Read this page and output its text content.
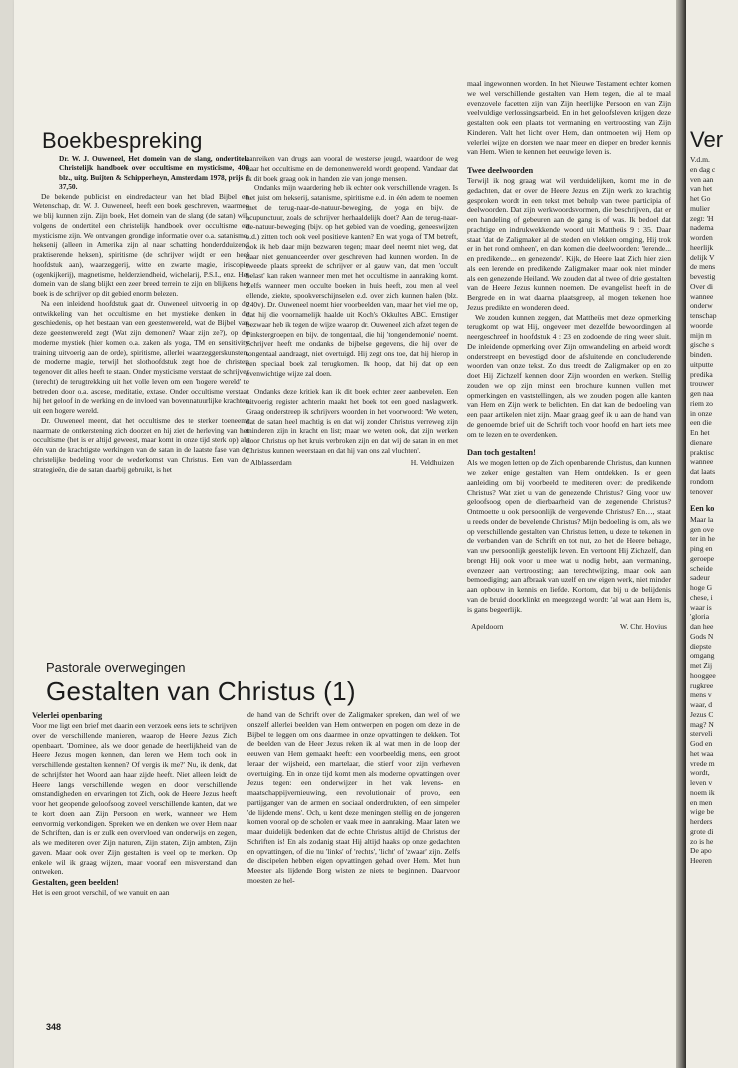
Boekbespreking

Dr. W. J. Ouweneel, Het domein van de slang, ondertitel: Christelijk handboek over occultisme en mysticisme, 400 blz., uitg. Buijten & Schipperheyn, Amsterdam 1978, prijs ƒ 37,50.

De bekende publicist en eindredacteur van het blad Bijbel en Wetenschap, dr. W. J. Ouweneel, heeft een boek geschreven, waarmee we blij kunnen zijn. Zijn boek, Het domein van de slang (de satan) wil, volgens de ondertitel een christelijk handboek over occultisme en mysticisme zijn. We ontvangen grondige informatie over o.a. satanisme, heksenij (alleen in Amerika zijn al naar schatting honderdduizend praktiserende heksen), spiritisme (de schrijver wijdt er een heel hoofdstuk aan), waarzeggerij, witte en zwarte magie, iriscopie (ogenkijkerij), magnetisme, helderziendheid, wichelarij, P.S.I., enz. Het domein van de slang blijkt een zeer breed terrein te zijn en blijkens het boek is de schrijver op dit gebied enorm belezen.

Na een inleidend hoofdstuk gaat dr. Ouweneel uitvoerig in op de ontwikkeling van het occultisme en het mystieke denken in de geschiedenis, op het bestaan van een geestenwereld, wat de Bijbel van deze geestenwereld zegt (Wat zijn demonen? Waar zijn ze?), op de moderne mystiek (hier komen o.a. zaken als yoga, TM en sensitivity training uitvoerig aan de orde), spiritisme, allerlei waarzeggerskunsten, de moderne magie, terwijl het slothoofdstuk zegt hoe de christen tegenover dit alles heeft te staan. Onder mysticisme verstaat de schrijver (terecht) de terugtrekking uit het volle leven om een 'hogere wereld' te betreden door o.a. ascese, meditatie, extase. Onder occultisme verstaat hij het geloof in de werking en de invloed van bovennatuurlijke krachten uit een hogere wereld.

Dr. Ouweneel meent, dat het occultisme des te sterker toeneemt naarmate de ontkerstening zich doorzet en hij ziet de herleving van het occultisme (het is er altijd geweest, maar komt in onze tijd sterk op) als één van de krachtigste werkingen van de satan in de laatste fase van de christelijke bedeling voor de wederkomst van Christus. Een van de strategieën, die de satan daarbij gebruikt, is het

aanreiken van drugs aan vooral de westerse jeugd, waardoor de weg naar het occultisme en de demonenwereld wordt geopend. Vandaar dat ik dit boek graag ook in handen zie van jonge mensen.

Ondanks mijn waardering heb ik echter ook verschillende vragen. Is het juist om hekserij, satanisme, spiritisme e.d. in één adem te noemen met de terug-naar-de-natuur-beweging, de yoga en bijv. de acupunctuur, zoals de schrijver herhaaldelijk doet? Aan de terug-naar-de-natuur-beweging (bijv. op het gebied van de voeding, geneeswijzen e.d.) zitten toch ook veel positieve kanten? En wat yoga of TM betreft, ook ik heb daar mijn bezwaren tegen; maar deel neemt niet weg, dat daar niet genuanceerder over geschreven had kunnen worden. In de tweede plaats spreekt de schrijver er al gauw van, dat men 'occult belast' kan raken wanneer men met het occultisme in aanraking komt. Zelfs wanneer men occulte boeken in huis heeft, zou men al veel ellende, ziekte, spookverschijnselen e.d. over zich kunnen halen (blz. 240v). Dr. Ouweneel noemt hier voorbeelden van, maar het viel me op, dat hij die voornamelijk haalde uit Koch's Okkultes ABC. Ernstiger bezwaar heb ik tegen de wijze waarop dr. Ouweneel zich afzet tegen de Pinkstergroepen en bijv. de tongentaal, die hij 'tongendemonie' noemt. Schrijver heeft me ondanks de bijbelse gegevens, die hij over de tongentaal aandraagt, niet overtuigd. Hij zegt ons toe, dat hij hierop in een speciaal boek zal terugkomen. Ik hoop, dat hij dat op een evenwichtige wijze zal doen.

Ondanks deze kritiek kan ik dit boek echter zeer aanbevelen. Een uitvoerig register achterin maakt het boek tot een goed naslagwerk. Graag onderstreep ik schrijvers woorden in het voorwoord: 'We weten, dat de satan heel machtig is en dat wij zonder Christus verreweg zijn minderen zijn in kracht en list; maar we weten ook, dat zijn werken door Christus op het kruis verbroken zijn en dat wij de satan in en met Christus kunnen weerstaan en dat hij van ons zal vluchten'.

Alblasserdam	H. Veldhuizen
Pastorale overwegingen
Gestalten van Christus (1)

Velerlei openbaring

Voor me ligt een brief met daarin een verzoek eens iets te schrijven over de verschillende manieren, waarop de Heere Jezus Zich openbaart. 'Dominee, als we door genade de heerlijkheid van de Heere Jezus mogen kennen, dan leren we Hem toch ook in verschillende gestalten kennen? Of vergis ik me?' Nu, ik denk, dat de schrijfster het Woord aan haar zijde heeft. Niet alleen leidt de Heere langs verschillende wegen en door verschillende omstandigheden en ervaringen tot Zich, ook de Heere Jezus heeft voor het geopende geloofsoog zoveel verschillende kanten, dat we te kort doen aan Zijn Persoon en werk, wanneer we Hem eenvormig verkondigen. Spreken we en denken we over Hem naar de Schriften, dan is er zulk een overvloed van onderwijs en zegen, als we mediteren over Zijn naturen, Zijn staten, Zijn ambten, Zijn gaven. Maar ook over Zijn gestalten is veel op te merken. Op enkele wil ik graag wijzen, maar vooraf een misverstand dan ontweken.

Gestalten, geen beelden!

Het is een groot verschil, of we vanuit en aan

de hand van de Schrift over de Zaligmaker spreken, dan wel of we onszelf allerlei beelden van Hem ontwerpen en pogen om deze in de Bijbel te leggen om ons daarmee in onze opvattingen te dekken. Tot de beelden van de Heer Jezus reken ik al wat men in de loop der eeuwen van Hem gemaakt heeft: een voorbeeldig mens, een groot leraar der wijsheid, een martelaar, die stierf voor zijn verheven overtuiging. En in onze tijd komt men als moderne opvattingen over Jezus tegen: een onderwijzer in het vak levens- en maatschappijvernieuwing, een revolutionair of provo, een partijganger van de armen en sociaal onderdrukten, of een simpeler 'de lijdende mens'. Och, u kent deze meningen stellig en de jongeren komen vooral op de scholen er vaak mee in aanraking. Maar laten we maar duidelijk bedenken dat de echte Christus altijd de Christus der Schriften is! En als zodanig staat Hij altijd haaks op onze gedachten en opvattingen, of die nu 'links' of 'rechts', 'licht' of 'zwaar' zijn. Zelfs de discipelen hebben eigen opvattingen gehad over Hem. Met hun Meester als lijdende Borg wisten ze niets te beginnen. Daarvoor moesten ze hel-

maal ingewonnen worden. In het Nieuwe Testament echter komen we wel verschillende gestalten van Hem tegen, die al te maal evenzovele facetten zijn van Zijn heerlijke Persoon en van Zijn veelvuldige verlossingsarbeid. En in het geloofsleven krijgen deze gestalten ook een plaats tot vermaning en vertroosting van Zijn Kinderen. Valt het licht over Hem, dan ontmoeten wij Hem op velerlei wijze en dorsten we naar meer en dieper en breder kennis van Hem. Wien te kennen het eeuwige leven is.

Twee deelwoorden

Terwijl ik nog graag wat wil verduidelijken, komt me in de gedachten, dat er over de Heere Jezus en Zijn werk zo krachtig gesproken wordt in een tekst met behulp van twee participia of deelwoorden. Dat zijn werkwoordsvormen, die beschrijven, dat er een handeling of gebeuren aan de gang is of was. Ik bedoel dat prachtige en indrukwekkende woord uit Mattheüs 9 : 35. Daar staat 'dat de Zaligmaker al de steden en vlekken omging, Hij trok er in het rond omheen', en dan komen die deelwoorden: 'lerende... en predikende... en genezende'. Kijk, de Heere laat Zich hier zien als een lerende en predikende Zaligmaker maar ook niet minder als een genezende Heiland. We zouden dat al twee of drie gestalten van de Heere Jezus kunnen noemen. De evangelist heeft in de Bergrede en in wat daarna plaatsgreep, al mogen tekenen hoe Jezus predikte en wonderen deed.

We zouden kunnen zeggen, dat Mattheüs met deze opmerking terugkomt op wat Hij, ongeveer met dezelfde bewoordingen al neergeschreef in hoofdstuk 4 : 23 en zodoende de ring weer sluit. De inleidende opmerking over Zijn omwandeling en arbeid wordt onderstreept en bevestigd door de afsluitende en concluderende woorden van onze tekst. Zo dus treedt de Zaligmaker op en zo doet Hij Zichzelf kennen door Zijn woorden en werken. Stellig zouden we op zijn minst een brochure kunnen vullen met opmerkingen en vaststellingen, als we zouden pogen alle kanten van Hem en Zijn werk te belichten. En dat kan de bedoeling van een paar artikelen niet zijn. Maar graag geef ik u aan de hand van de genoemde brief uit de Schrift toch voor hoofd en hart iets mee om te lezen en te overdenken.

Dan toch gestalten!

Als we mogen letten op de Zich openbarende Christus, dan kunnen we zeker enige gestalten van Hem ontdekken. Is er geen aanleiding om bij voorbeeld te mediteren over: de predikende Christus? Wat ziet u van de genezende Christus? Ging voor uw geloofsoog open de dierbaarheid van de zegenende Christus? Ontmoette u ook persoonlijk de vergevende Christus? En…, staat u reeds onder de bevelende Christus? Mijn bedoeling is om, als we op verschillende gestalten van Christus letten, u deze te tekenen in de verbanden van de Schrift en tot nut, zo het de Heere behage, van uw persoonlijk geestelijk leven. En vertoont Hij Zichzelf, dan brengt Hij ook voor u mee wat u nodig hebt, aan vermaning, evenzeer aan vertroosting; aan terechtwijzing, maar ook aan bemoediging; aan afbraak van uzelf en uw eigen werk, niet minder aan opbouw in kennis en liefde. Kortom, dat bij u de belijdenis van de bruid doorklinkt en meegezegd wordt: 'al wat aan Hem is, is gans begeerlijk.

Apeldoorn	W. Chr. Hovius
348
Ver
V.d.m.
en dag c
ven aan
van het
het Go
mulier
zegt: 'H
nadema
worden
heerlijk
delijk V
de mens
bevestig
Over di
wannee
onderw
tenschap
woorde
mijn m
gische s
binden.
uitputte
predika
trouwer
gen naa
riem zo
in onze
een die
En het
dienare
praktisc
wannee
dat laats
rondom
tenover
Een ko
Maar la
gen ove
ter in he
ping en
geroepe
scheide
sadeur
hoge G
chese, i
waar is
'gloria
dan hee
Gods N
diepste
omgang
met Zij
hooggee
rugkree
mens v
waar, d
Jezus C
mag? N
sterveli
God en
het waa
vrede m
wordt,
leven v
noem ik
en men
wige be
herders
grote di
zo is he
De apo
Heeren
